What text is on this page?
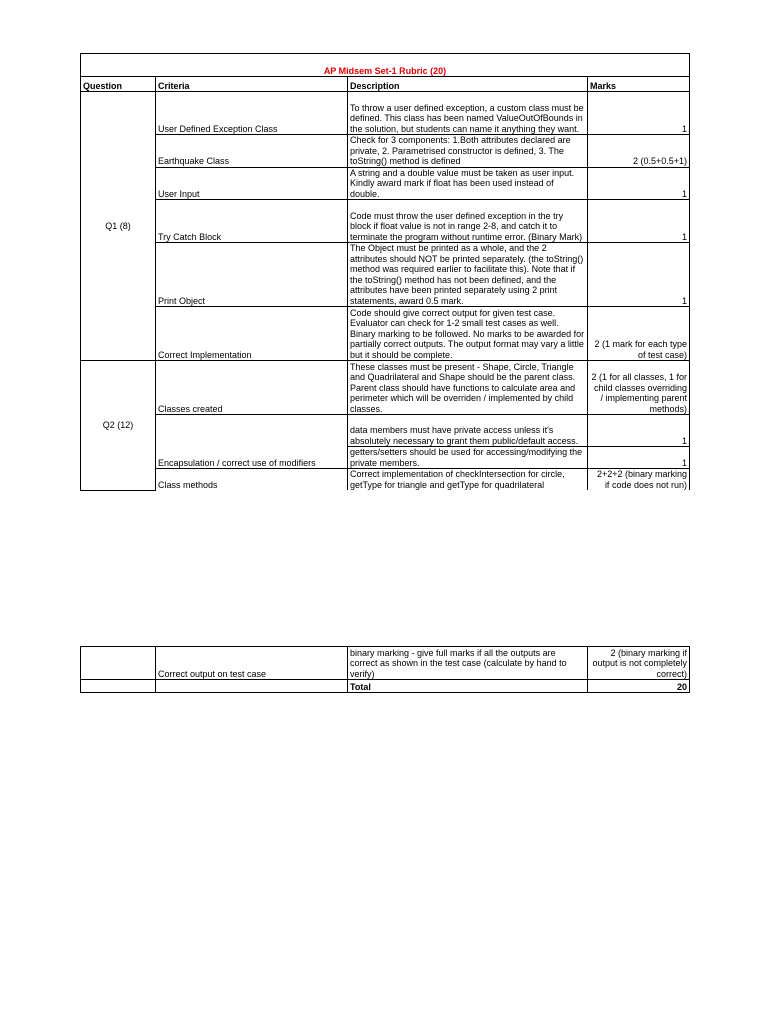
AP Midsem Set-1 Rubric (20)			
Question	Criteria	Description	Marks
Q1 (8)	User Defined Exception Class	To throw a user defined exception, a custom class must be defined. This class has been named ValueOutOfBounds in the solution, but students can name it anything they want.	1
	Earthquake Class	Check for 3 components: 1.Both attributes declared are private, 2. Parametrised constructor is defined, 3. The toString() method is defined	2 (0.5+0.5+1)
	User Input	A string and a double value must be taken as user input. Kindly award mark if float has been used instead of double.	1
	Try Catch Block	Code must throw the user defined exception in the try block if float value is not in range 2-8, and catch it to terminate the program without runtime error. (Binary Mark)	1
	Print Object	The Object must be printed as a whole, and the 2 attributes should NOT be printed separately. (the toString() method was required earlier to facilitate this). Note that if the toString() method has not been defined, and the attributes have been printed separately using 2 print statements, award 0.5 mark.	1
	Correct Implementation	Code should give correct output for given test case. Evaluator can check for 1-2 small test cases as well. Binary marking to be followed. No marks to be awarded for partially correct outputs. The output format may vary a little but it should be complete.	2 (1 mark for each type of test case)
Q2 (12)	Classes created	These classes must be present - Shape, Circle, Triangle and Quadrilateral and Shape should be the parent class. Parent class should have functions to calculate area and perimeter which will be overriden / implemented by child classes.	2 (1 for all classes, 1 for child classes overriding / implementing parent methods)
	Encapsulation / correct use of modifiers	data members must have private access unless it's absolutely necessary to grant them public/default access.	1
		getters/setters should be used for accessing/modifying the private members.	1
	Class methods	Correct implementation of checkIntersection for circle, getType for triangle and getType for quadrilateral	2+2+2 (binary marking if code does not run)
	Correct output on test case	binary marking - give full marks if all the outputs are correct as shown in the test case (calculate by hand to verify)	2 (binary marking if output is not completely correct)
		Total	20
